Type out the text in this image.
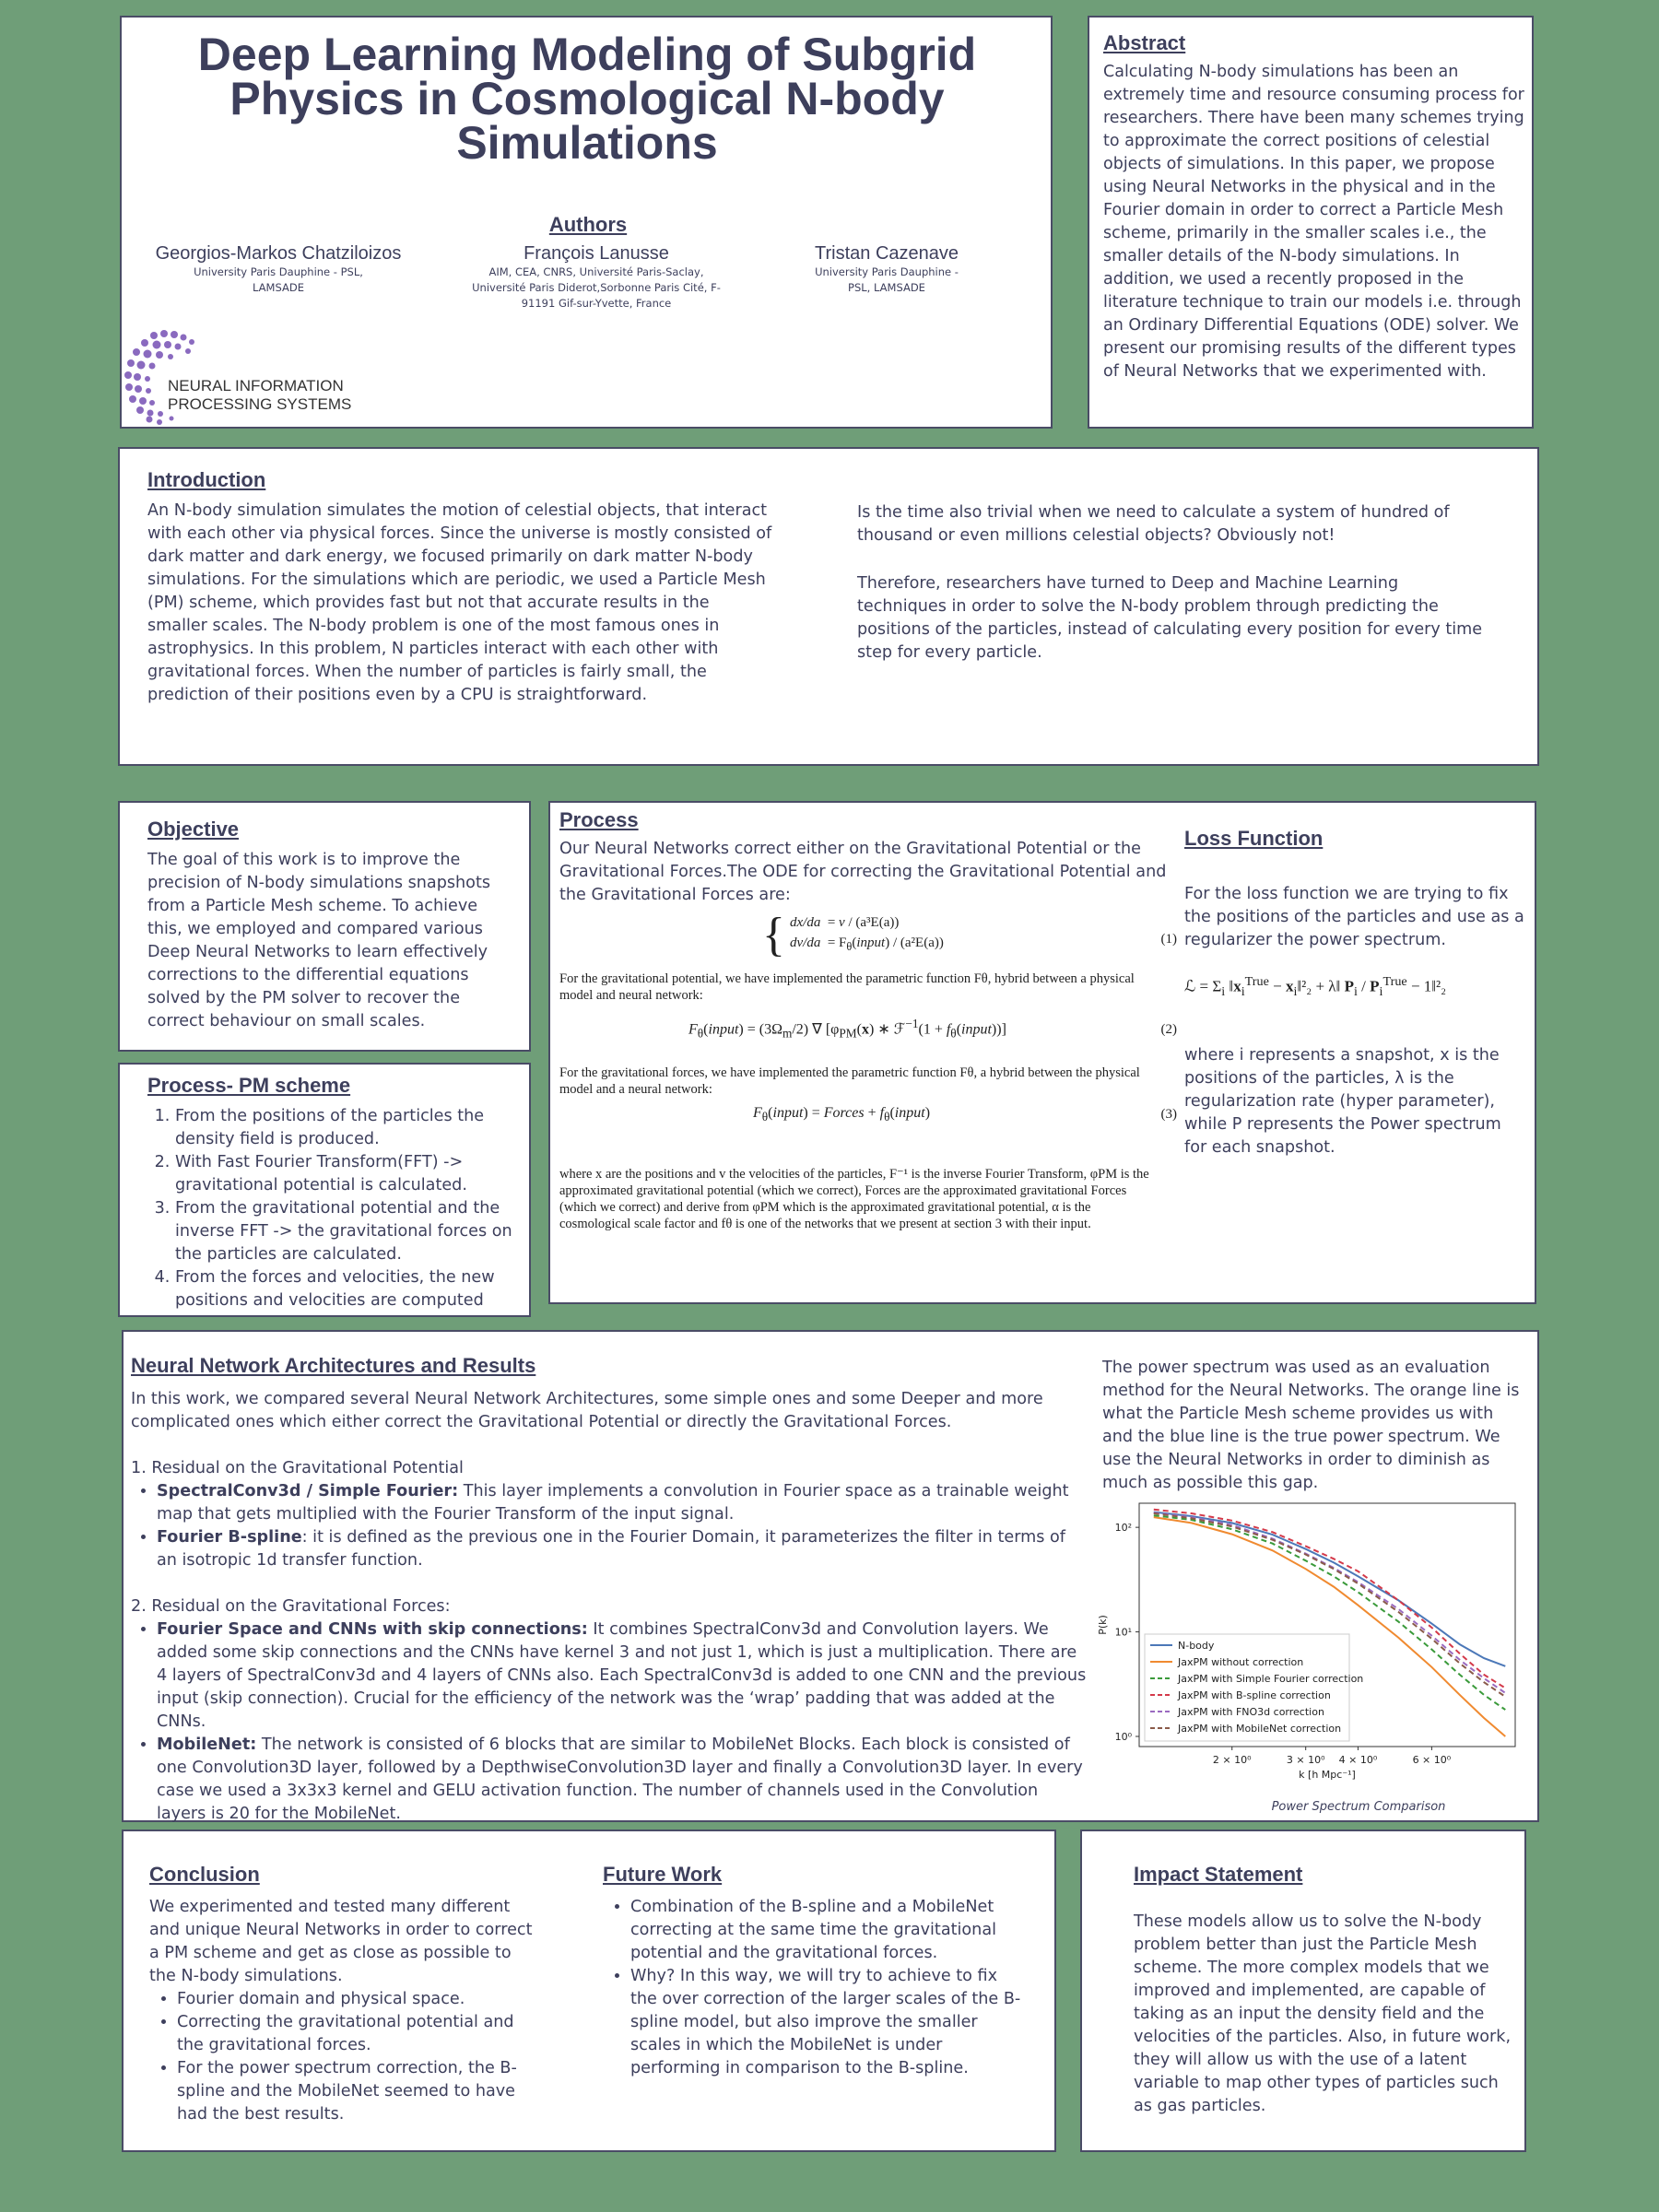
Deep Learning Modeling of Subgrid Physics in Cosmological N-body Simulations
Authors
Georgios-Markos Chatziloizos
University Paris Dauphine - PSL, LAMSADE
François Lanusse
AIM, CEA, CNRS, Université Paris-Saclay, Université Paris Diderot,Sorbonne Paris Cité, F-91191 Gif-sur-Yvette, France
Tristan Cazenave
University Paris Dauphine - PSL, LAMSADE
NEURAL INFORMATION
PROCESSING SYSTEMS
Abstract
Calculating N-body simulations has been an extremely time and resource consuming process for researchers. There have been many schemes trying to approximate the correct positions of celestial objects of simulations. In this paper, we propose using Neural Networks in the physical and in the Fourier domain in order to correct a Particle Mesh scheme, primarily in the smaller scales i.e., the smaller details of the N-body simulations. In addition, we used a recently proposed in the literature technique to train our models i.e. through an Ordinary Differential Equations (ODE) solver. We present our promising results of the different types of Neural Networks that we experimented with.
Introduction
An N-body simulation simulates the motion of celestial objects, that interact with each other via physical forces. Since the universe is mostly consisted of dark matter and dark energy, we focused primarily on dark matter N-body simulations. For the simulations which are periodic, we used a Particle Mesh (PM) scheme, which provides fast but not that accurate results in the smaller scales. The N-body problem is one of the most famous ones in astrophysics. In this problem, N particles interact with each other with gravitational forces. When the number of particles is fairly small, the prediction of their positions even by a CPU is straightforward.
Is the time also trivial when we need to calculate a system of hundred of thousand or even millions celestial objects? Obviously not!
Therefore, researchers have turned to Deep and Machine Learning techniques in order to solve the N-body problem through predicting the positions of the particles, instead of calculating every position for every time step for every particle.
Objective
The goal of this work is to improve the precision of N-body simulations snapshots from a Particle Mesh scheme. To achieve this, we employed and compared various Deep Neural Networks to learn effectively corrections to the differential equations solved by the PM solver to recover the correct behaviour on small scales.
Process- PM scheme
1. From the positions of the particles the density field is produced.
2. With Fast Fourier Transform(FFT) -> gravitational potential is calculated.
3. From the gravitational potential and the inverse FFT -> the gravitational forces on the particles are calculated.
4. From the forces and velocities, the new positions and velocities are computed
Process
Our Neural Networks correct either on the Gravitational Potential or the Gravitational Forces.The ODE for correcting the Gravitational Potential and the Gravitational Forces are:
{ dx/da  = v / (a³E(a))
$dv/da = F_\theta(input) / (a^2E(a))$	(1)
For the gravitational potential, we have implemented the parametric function Fθ, hybrid between a physical model and neural network:
$F_\theta(input) = (3\Omega_m/2)$ ∇ [$\varphi_{PM}(x)$ ∗ ℱ$^{-1}$(1 + $f_\theta(input)$)]	(2)
For the gravitational forces, we have implemented the parametric function Fθ, a hybrid between the physical model and a neural network:
$F_\theta(input)$ = Forces + $f_\theta(input)$	(3)
where x are the positions and v the velocities of the particles, F⁻¹ is the inverse Fourier Transform, φPM is the approximated gravitational potential (which we correct), Forces are the approximated gravitational Forces (which we correct) and derive from φPM which is the approximated gravitational potential, α is the cosmological scale factor and fθ is one of the networks that we present at section 3 with their input.
Loss Function
For the loss function we are trying to fix the positions of the particles and use as a regularizer the power spectrum.
ℒ = $\Sigma_i$ $‖x_i^{True}$ − $x_i‖^2_2$ + λ‖ $P_i / P_i^{True}$ − 1‖²₂
where i represents a snapshot, x is the positions of the particles, λ is the regularization rate (hyper parameter), while P represents the Power spectrum for each snapshot.
Neural Network Architectures and Results
In this work, we compared several Neural Network Architectures, some simple ones and some Deeper and more complicated ones which either correct the Gravitational Potential or directly the Gravitational Forces.
1. Residual on the Gravitational Potential
• SpectralConv3d / Simple Fourier: This layer implements a convolution in Fourier space as a trainable weight map that gets multiplied with the Fourier Transform of the input signal.
• Fourier B-spline: it is defined as the previous one in the Fourier Domain, it parameterizes the filter in terms of an isotropic 1d transfer function.
2. Residual on the Gravitational Forces:
• Fourier Space and CNNs with skip connections: It combines SpectralConv3d and Convolution layers. We added some skip connections and the CNNs have kernel 3 and not just 1, which is just a multiplication. There are 4 layers of SpectralConv3d and 4 layers of CNNs also. Each SpectralConv3d is added to one CNN and the previous input (skip connection). Crucial for the efficiency of the network was the ‘wrap’ padding that was added at the CNNs.
• MobileNet: The network is consisted of 6 blocks that are similar to MobileNet Blocks. Each block is consisted of one Convolution3D layer, followed by a DepthwiseConvolution3D layer and finally a Convolution3D layer. In every case we used a 3x3x3 kernel and GELU activation function. The number of channels used in the Convolution layers is 20 for the MobileNet.
The power spectrum was used as an evaluation method for the Neural Networks. The orange line is what the Particle Mesh scheme provides us with and the blue line is the true power spectrum. We use the Neural Networks in order to diminish as much as possible this gap.
2 × 10⁰	3 × 10⁰ 4 × 10⁰	6 × 10⁰
10⁰
10¹
10²
k [h Mpc⁻¹]
P(k)
N-body
JaxPM without correction
JaxPM with Simple Fourier correction
JaxPM with B-spline correction
JaxPM with FNO3d correction
JaxPM with MobileNet correction
Power Spectrum Comparison
Conclusion
We experimented and tested many different and unique Neural Networks in order to correct a PM scheme and get as close as possible to the N-body simulations.
• Fourier domain and physical space.
• Correcting the gravitational potential and the gravitational forces.
• For the power spectrum correction, the B-spline and the MobileNet seemed to have had the best results.
Future Work
• Combination of the B-spline and a MobileNet correcting at the same time the gravitational potential and the gravitational forces.
• Why? In this way, we will try to achieve to fix the over correction of the larger scales of the B-spline model, but also improve the smaller scales in which the MobileNet is under performing in comparison to the B-spline.
Impact Statement
These models allow us to solve the N-body problem better than just the Particle Mesh scheme. The more complex models that we improved and implemented, are capable of taking as an input the density field and the velocities of the particles. Also, in future work, they will allow us with the use of a latent variable to map other types of particles such as gas particles.
